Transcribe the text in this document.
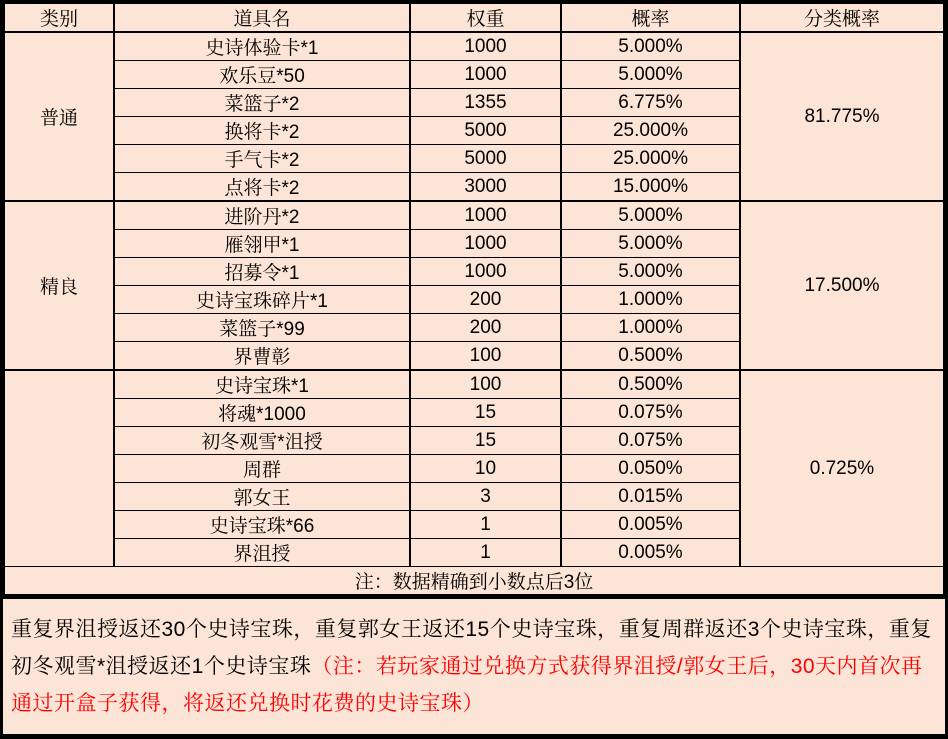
类别	道具名	权重	概率	分类概率
普通	史诗体验卡*1	1000	5.000%	81.775%
	欢乐豆*50	1000	5.000%	
	菜篮子*2	1355	6.775%	
	换将卡*2	5000	25.000%	
	手气卡*2	5000	25.000%	
	点将卡*2	3000	15.000%	
精良	进阶丹*2	1000	5.000%	17.500%
	雁翎甲*1	1000	5.000%	
	招募令*1	1000	5.000%	
	史诗宝珠碎片*1	200	1.000%	
	菜篮子*99	200	1.000%	
	界曹彰	100	0.500%	
	史诗宝珠*1	100	0.500%	0.725%
	将魂*1000	15	0.075%	
	初冬观雪*沮授	15	0.075%	
	周群	10	0.050%	
	郭女王	3	0.015%	
	史诗宝珠*66	1	0.005%	
	界沮授	1	0.005%	
注：数据精确到小数点后3位				
重复界沮授返还30个史诗宝珠，重复郭女王返还15个史诗宝珠，重复周群返还3个史诗宝珠，重复初冬观雪*沮授返还1个史诗宝珠（注：若玩家通过兑换方式获得界沮授/郭女王后，30天内首次再通过开盒子获得，将返还兑换时花费的史诗宝珠）
